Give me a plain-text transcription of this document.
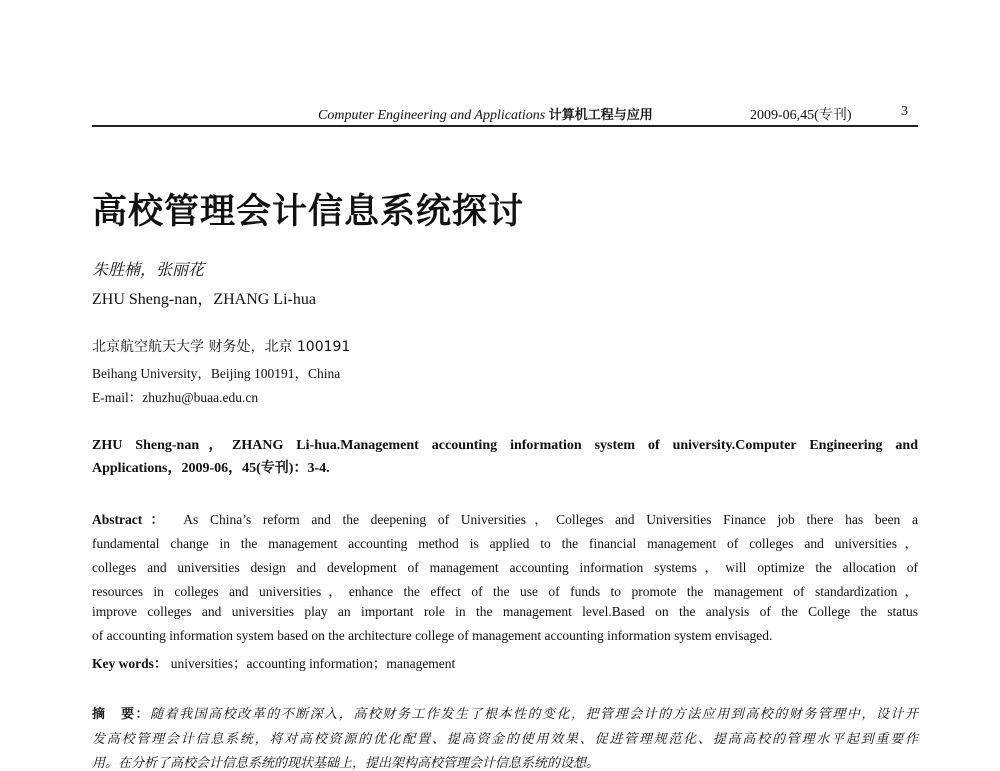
Computer Engineering and Applications 计算机工程与应用	2009-06,45(专刊)	3
高校管理会计信息系统探讨
朱胜楠，张丽花
ZHU Sheng-nan，ZHANG Li-hua
北京航空航天大学 财务处，北京 100191
Beihang University，Beijing 100191，China
E-mail：zhuzhu@buaa.edu.cn
ZHU Sheng-nan，ZHANG Li-hua.Management accounting information system of university.Computer Engineering and
Applications，2009-06，45(专刊)：3-4.
Abstract： As China’s reform and the deepening of Universities，Colleges and Universities Finance job there has been a
fundamental change in the management accounting method is applied to the financial management of colleges and universities，
colleges and universities design and development of management accounting information systems，will optimize the allocation of
resources in colleges and universities，enhance the effect of the use of funds to promote the management of standardization，
improve colleges and universities play an important role in the management level.Based on the analysis of the College the status
of accounting information system based on the architecture college of management accounting information system envisaged.
Key words： universities；accounting information；management
摘　要：随着我国高校改革的不断深入，高校财务工作发生了根本性的变化，把管理会计的方法应用到高校的财务管理中，设计开
发高校管理会计信息系统，将对高校资源的优化配置、提高资金的使用效果、促进管理规范化、提高高校的管理水平起到重要作
用。在分析了高校会计信息系统的现状基础上，提出架构高校管理会计信息系统的设想。
